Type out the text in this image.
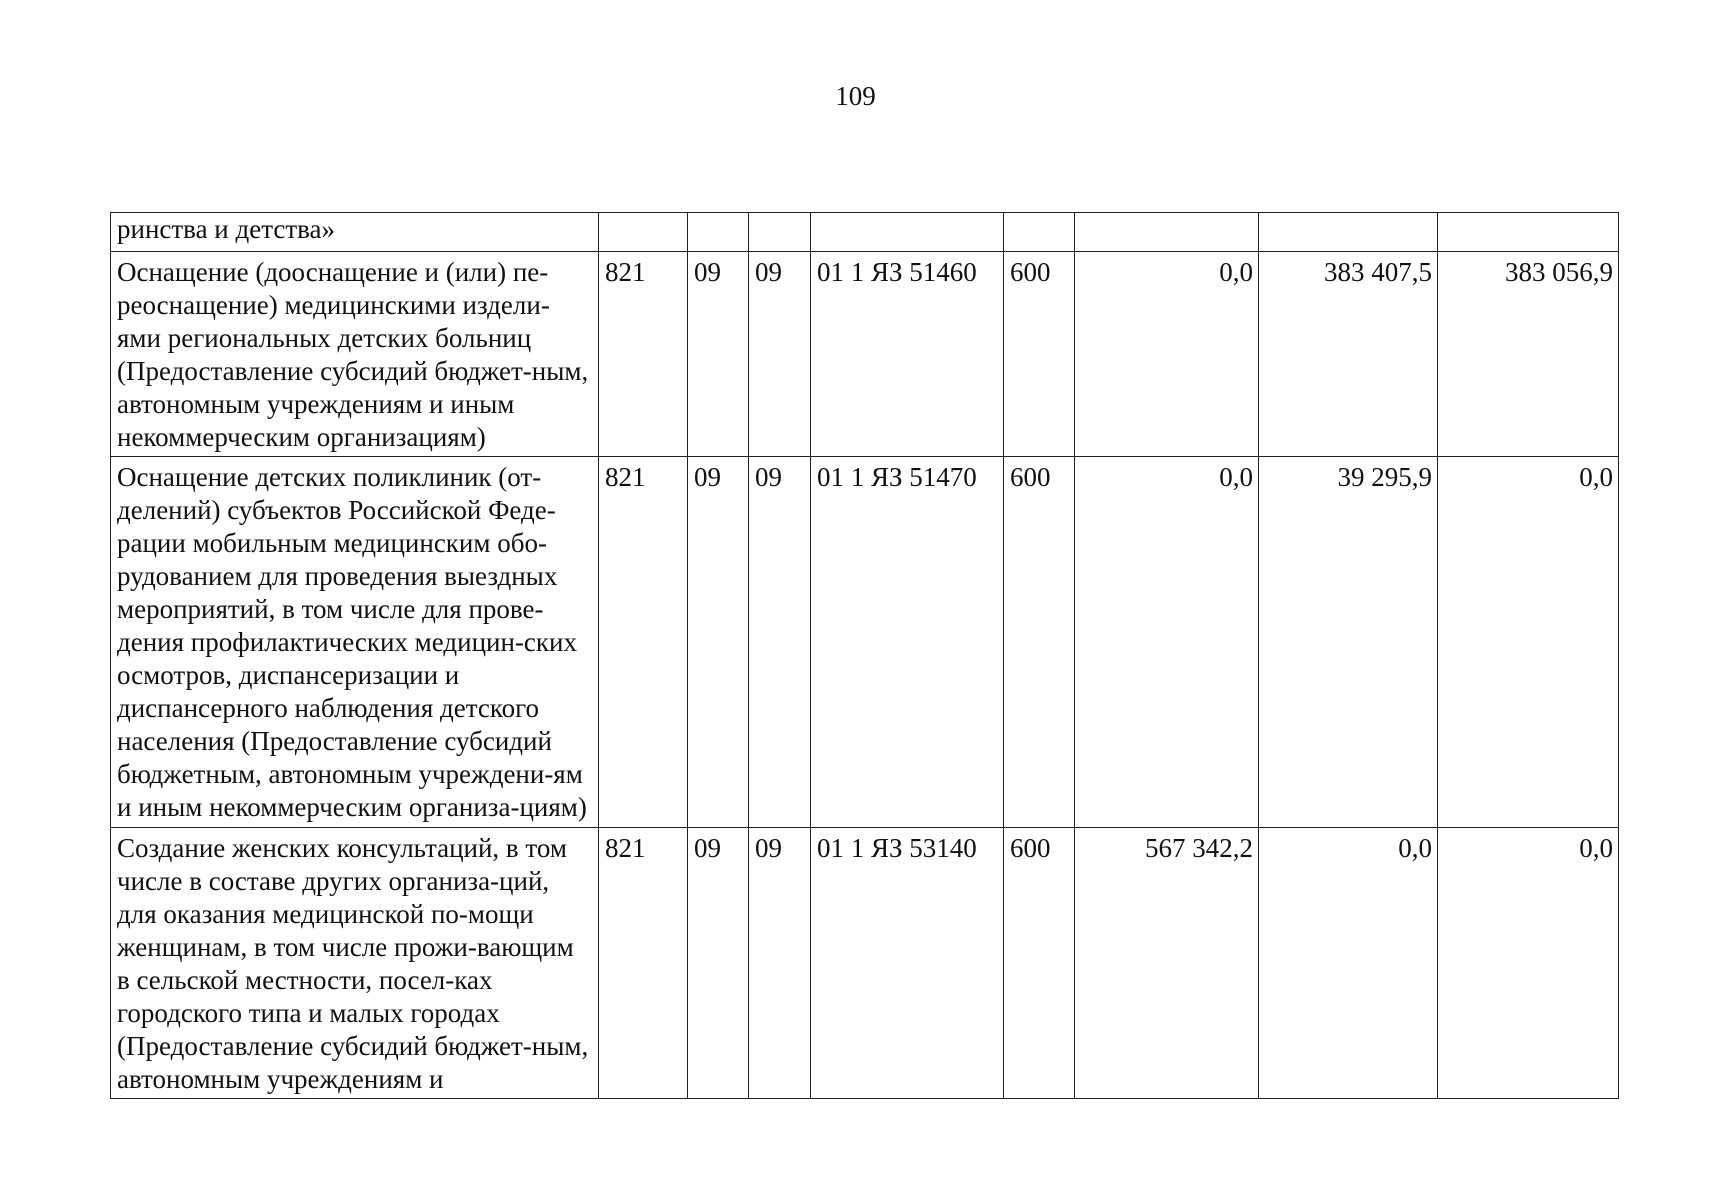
109
ринства и детства»								
Оснащение (дооснащение и (или) пе-реоснащение) медицинскими издели-ями региональных детских больниц (Предоставление субсидий бюджет-ным, автономным учреждениям и иным некоммерческим организациям)	821	09	09	01 1 ЯЗ 51460	600	0,0	383 407,5	383 056,9
Оснащение детских поликлиник (от-делений) субъектов Российской Феде-рации мобильным медицинским обо-рудованием для проведения выездных мероприятий, в том числе для прове-дения профилактических медицин-ских осмотров, диспансеризации и диспансерного наблюдения детского населения (Предоставление субсидий бюджетным, автономным учреждени-ям и иным некоммерческим организа-циям)	821	09	09	01 1 ЯЗ 51470	600	0,0	39 295,9	0,0
Создание женских консультаций, в том числе в составе других организа-ций, для оказания медицинской по-мощи женщинам, в том числе прожи-вающим в сельской местности, посел-ках городского типа и малых городах (Предоставление субсидий бюджет-ным, автономным учреждениям и	821	09	09	01 1 ЯЗ 53140	600	567 342,2	0,0	0,0
